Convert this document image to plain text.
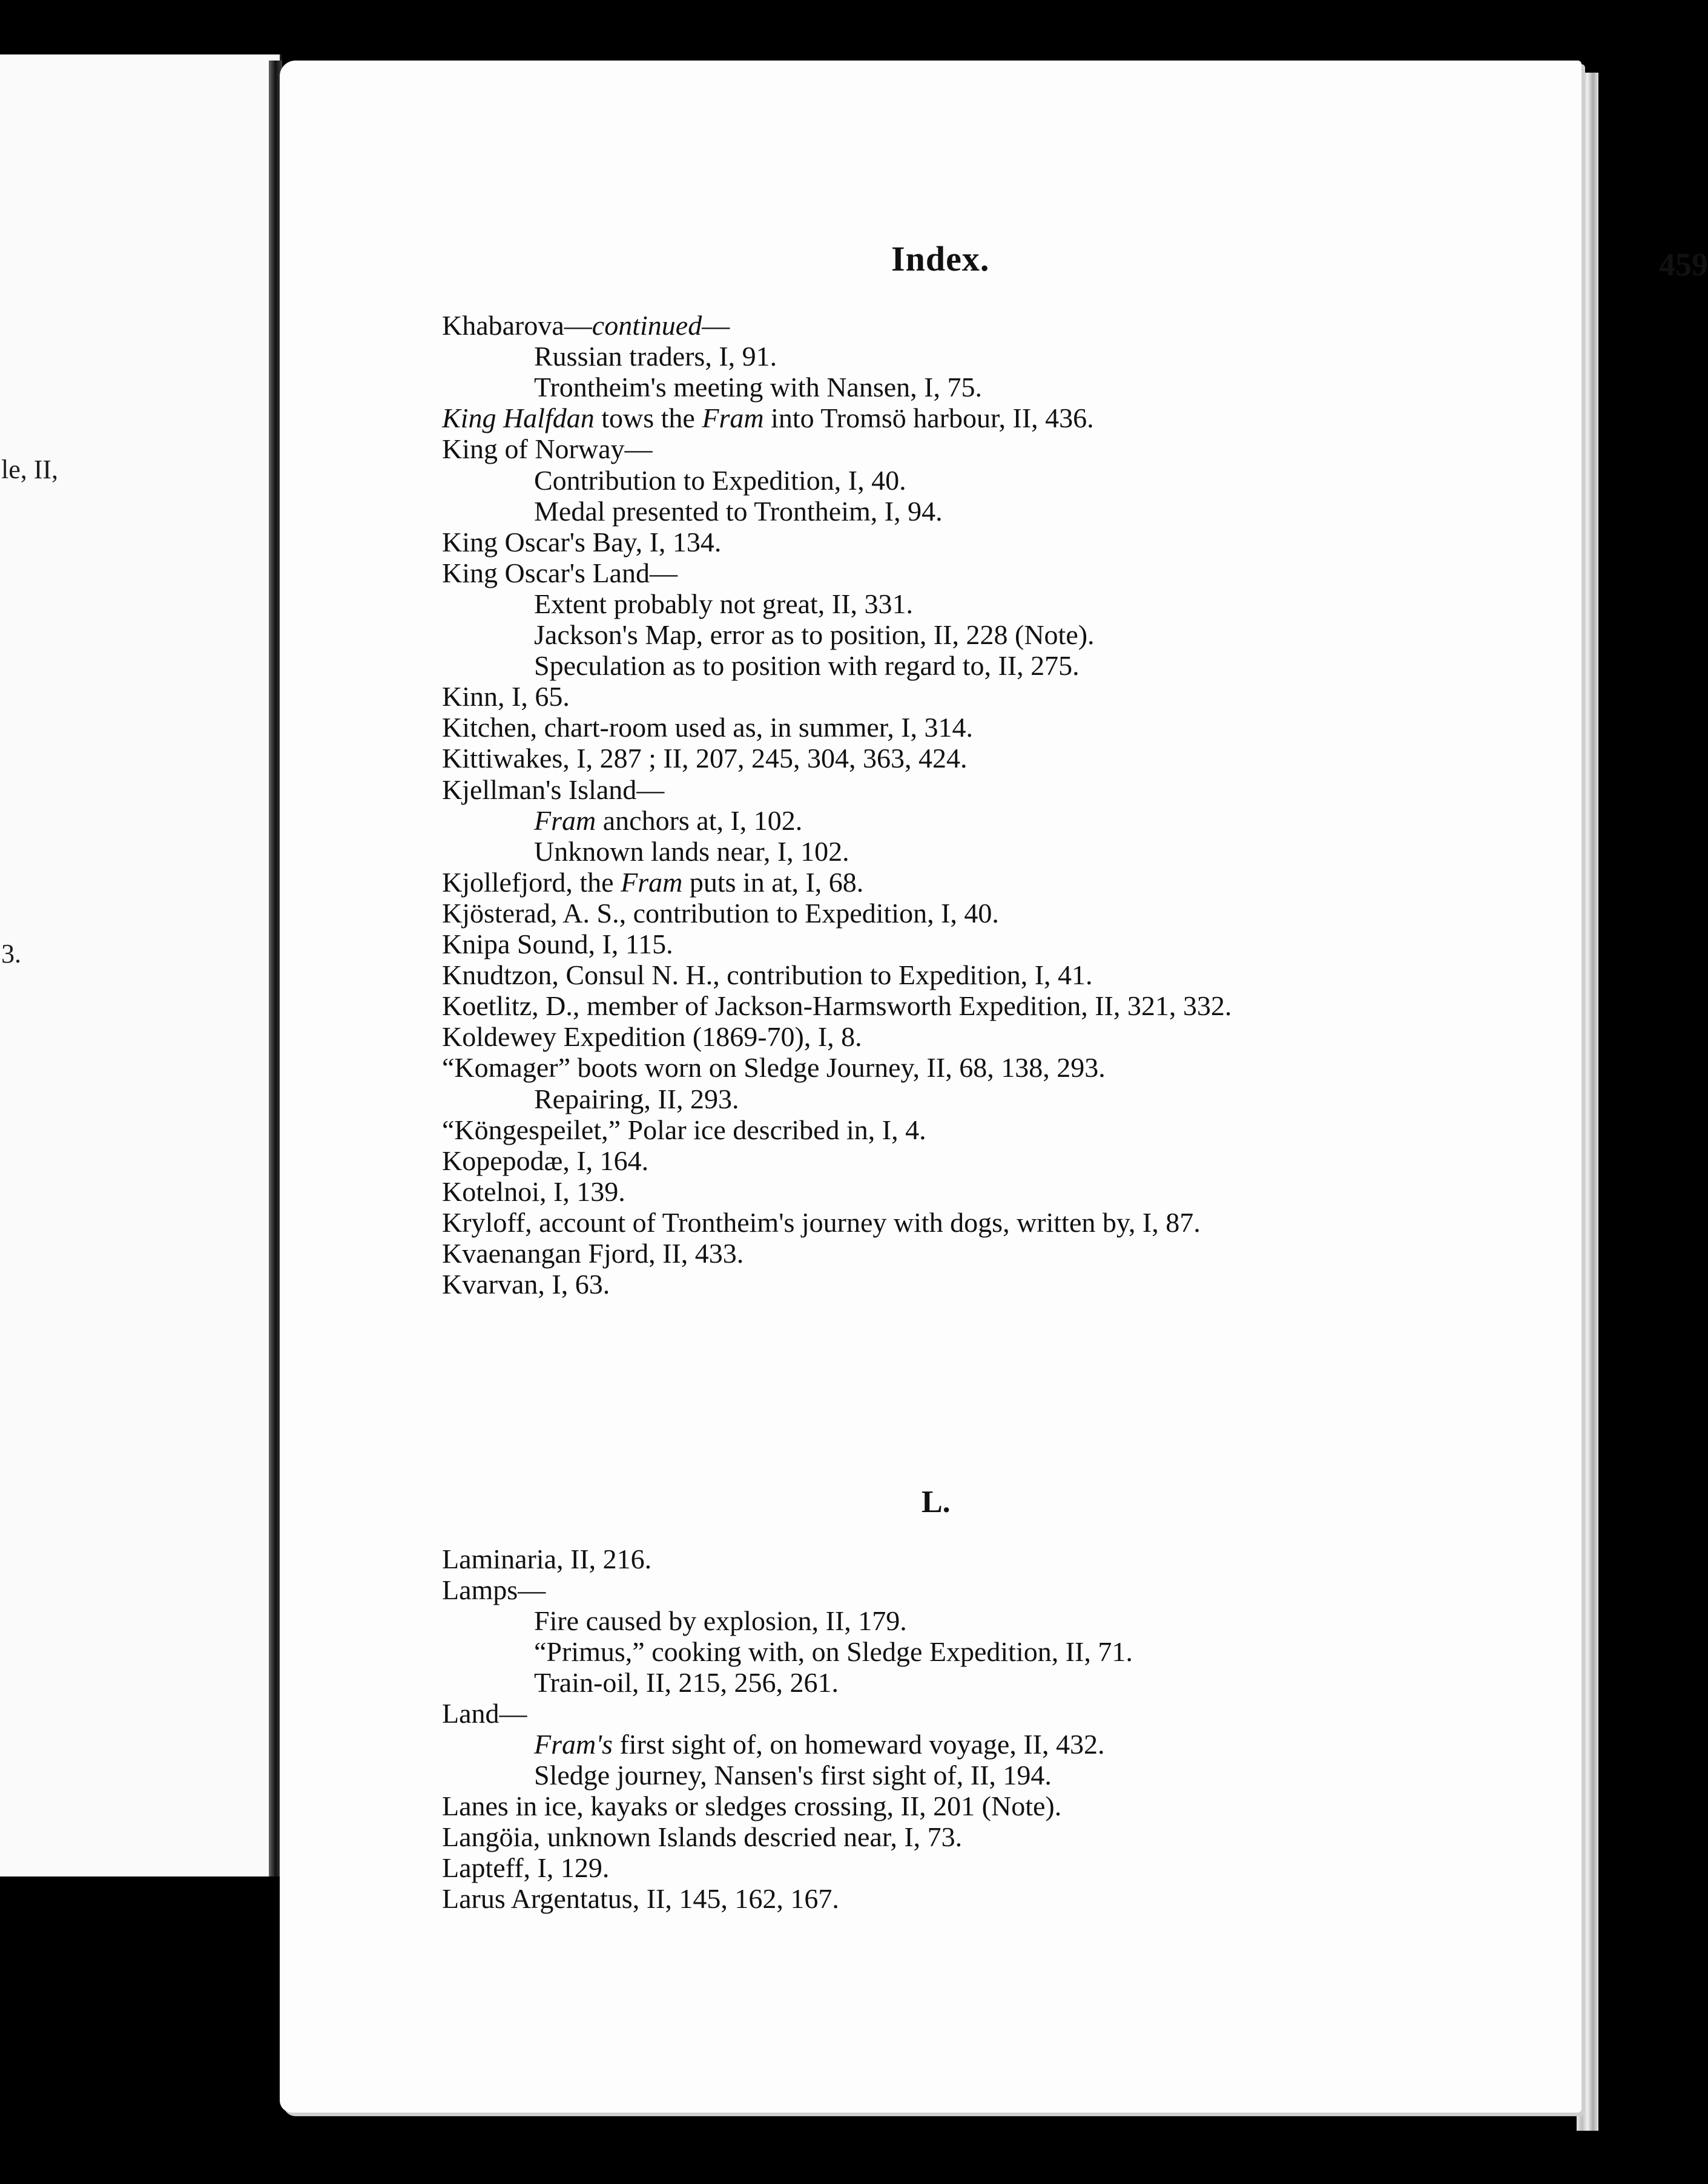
le, II,
3.
Index.	459
Khabarova—continued—
Russian traders, I, 91.
Trontheim's meeting with Nansen, I, 75.
King Halfdan tows the Fram into Tromsö harbour, II, 436.
King of Norway—
Contribution to Expedition, I, 40.
Medal presented to Trontheim, I, 94.
King Oscar's Bay, I, 134.
King Oscar's Land—
Extent probably not great, II, 331.
Jackson's Map, error as to position, II, 228 (Note).
Speculation as to position with regard to, II, 275.
Kinn, I, 65.
Kitchen, chart-room used as, in summer, I, 314.
Kittiwakes, I, 287 ; II, 207, 245, 304, 363, 424.
Kjellman's Island—
Fram anchors at, I, 102.
Unknown lands near, I, 102.
Kjollefjord, the Fram puts in at, I, 68.
Kjösterad, A. S., contribution to Expedition, I, 40.
Knipa Sound, I, 115.
Knudtzon, Consul N. H., contribution to Expedition, I, 41.
Koetlitz, D., member of Jackson-Harmsworth Expedition, II, 321, 332.
Koldewey Expedition (1869-70), I, 8.
“Komager” boots worn on Sledge Journey, II, 68, 138, 293.
Repairing, II, 293.
“Köngespeilet,” Polar ice described in, I, 4.
Kopepodæ, I, 164.
Kotelnoi, I, 139.
Kryloff, account of Trontheim's journey with dogs, written by, I, 87.
Kvaenangan Fjord, II, 433.
Kvarvan, I, 63.
L.
Laminaria, II, 216.
Lamps—
Fire caused by explosion, II, 179.
“Primus,” cooking with, on Sledge Expedition, II, 71.
Train-oil, II, 215, 256, 261.
Land—
Fram's first sight of, on homeward voyage, II, 432.
Sledge journey, Nansen's first sight of, II, 194.
Lanes in ice, kayaks or sledges crossing, II, 201 (Note).
Langöia, unknown Islands descried near, I, 73.
Lapteff, I, 129.
Larus Argentatus, II, 145, 162, 167.
